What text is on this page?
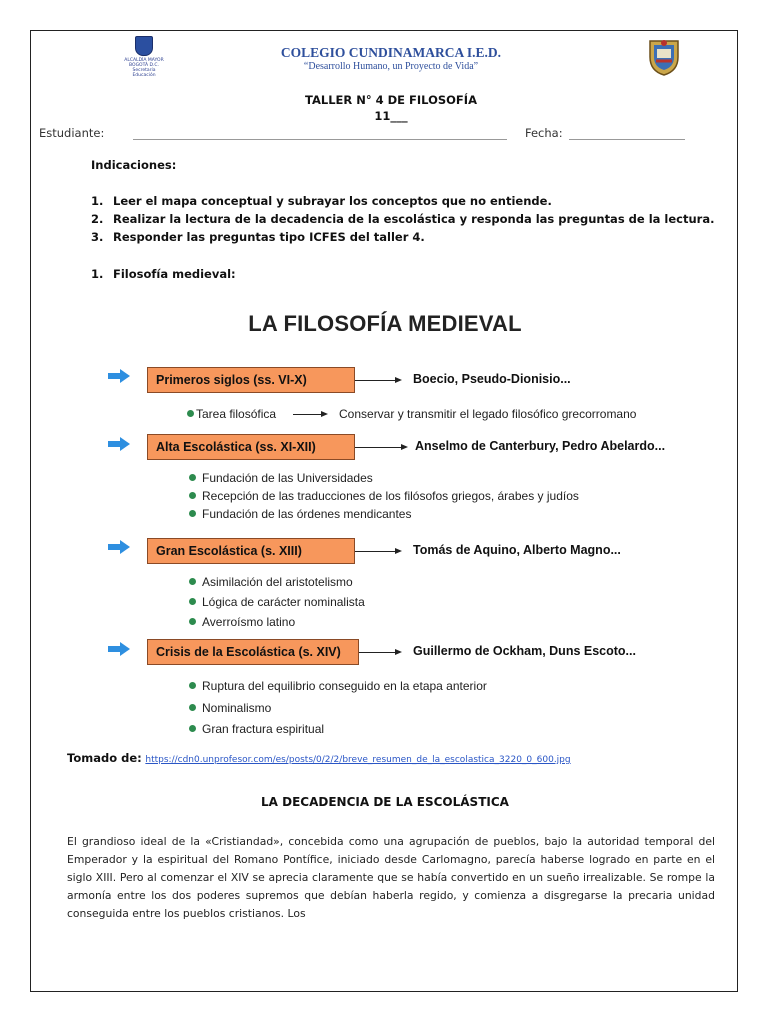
ALCALDÍA MAYOR
BOGOTÁ D.C.
Secretaría
Educación
COLEGIO CUNDINAMARCA I.E.D.
“Desarrollo Humano, un Proyecto de Vida”
TALLER N° 4 DE FILOSOFÍA
11___
Estudiante:	Fecha:
Indicaciones:
1. Leer el mapa conceptual y subrayar los conceptos que no entiende.
2. Realizar la lectura de la decadencia de la escolástica y responda las preguntas de la lectura.
3. Responder las preguntas tipo ICFES del taller 4.
1. Filosofía medieval:
LA FILOSOFÍA MEDIEVAL
Primeros siglos (ss. VI-X)	Boecio, Pseudo-Dionisio...
Tarea filosófica	Conservar y transmitir el legado filosófico grecorromano
Alta Escolástica (ss. XI-XII)	Anselmo de Canterbury, Pedro Abelardo...
Fundación de las Universidades
Recepción de las traducciones de los filósofos griegos, árabes y judíos
Fundación de las órdenes mendicantes
Gran Escolástica (s. XIII)	Tomás de Aquino, Alberto Magno...
Asimilación del aristotelismo
Lógica de carácter nominalista
Averroísmo latino
Crisis de la Escolástica (s. XIV)	Guillermo de Ockham, Duns Escoto...
Ruptura del equilibrio conseguido en la etapa anterior
Nominalismo
Gran fractura espiritual
Tomado de: https://cdn0.unprofesor.com/es/posts/0/2/2/breve_resumen_de_la_escolastica_3220_0_600.jpg
LA DECADENCIA DE LA ESCOLÁSTICA
El grandioso ideal de la «Cristiandad», concebida como una agrupación de pueblos, bajo la autoridad temporal del Emperador y la espiritual del Romano Pontífice, iniciado desde Carlomagno, parecía haberse logrado en parte en el siglo XIII. Pero al comenzar el XIV se aprecia claramente que se había convertido en un sueño irrealizable. Se rompe la armonía entre los dos poderes supremos que debían haberla regido, y comienza a disgregarse la precaria unidad conseguida entre los pueblos cristianos. Los
